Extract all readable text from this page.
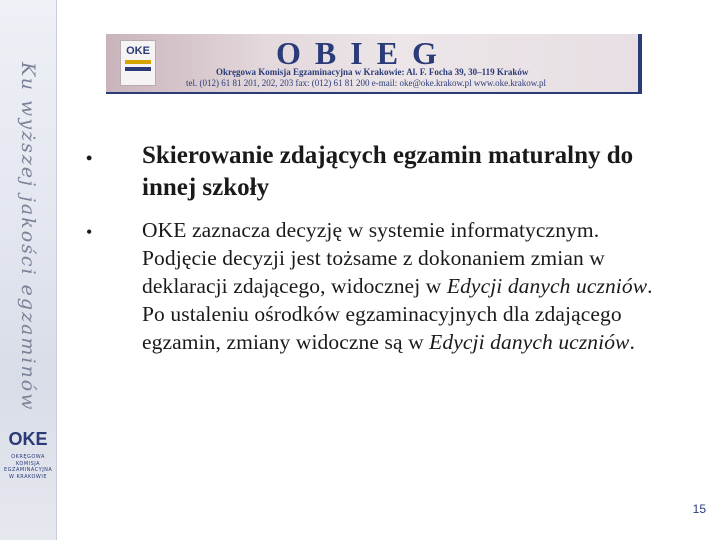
Ku wyższej jakości egzaminów
OKE
OKRĘGOWA KOMISJA EGZAMINACYJNA W KRAKOWIE
OKE	OBIEG
Okręgowa Komisja Egzaminacyjna w Krakowie: Al. F. Focha 39, 30–119 Kraków
tel. (012) 61 81 201, 202, 203 fax: (012) 61 81 200 e-mail: oke@oke.krakow.pl www.oke.krakow.pl
• Skierowanie zdających egzamin maturalny do innej szkoły
• OKE zaznacza decyzję w systemie informatycznym. Podjęcie decyzji jest tożsame z dokonaniem zmian w deklaracji zdającego, widocznej w Edycji danych uczniów. Po ustaleniu ośrodków egzaminacyjnych dla zdającego egzamin, zmiany widoczne są w Edycji danych uczniów.
15
